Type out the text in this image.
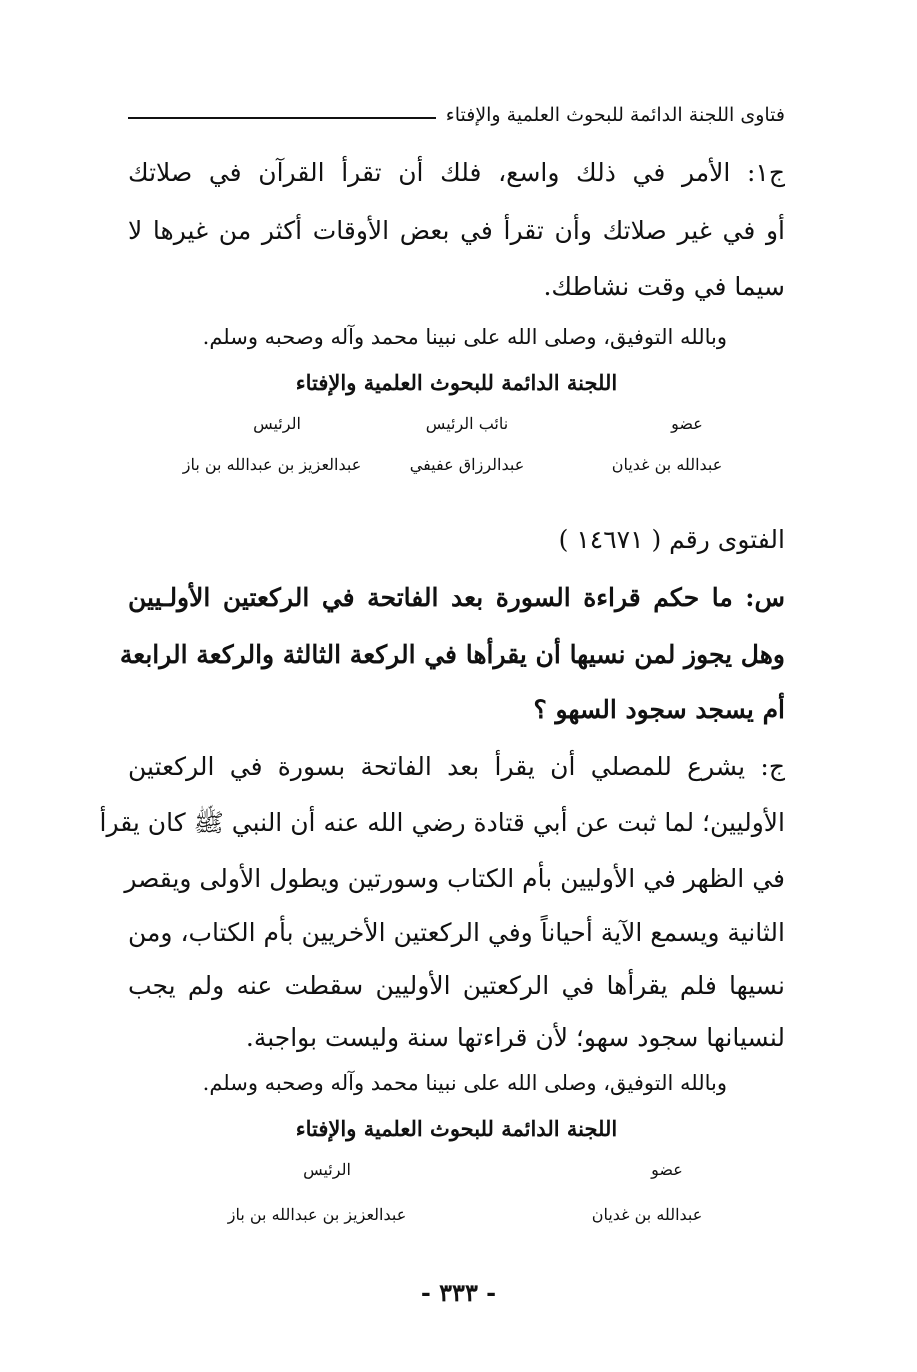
فتاوى اللجنة الدائمة للبحوث العلمية والإفتاء
ج١: الأمر في ذلك واسع، فلك أن تقرأ القرآن في صلاتك
أو في غير صلاتك وأن تقرأ في بعض الأوقات أكثر من غيرها لا
سيما في وقت نشاطك.
وبالله التوفيق، وصلى الله على نبينا محمد وآله وصحبه وسلم.
اللجنة الدائمة للبحوث العلمية والإفتاء
عضو
نائب الرئيس
الرئيس
عبدالله بن غديان
عبدالرزاق عفيفي
عبدالعزيز بن عبدالله بن باز
الفتوى رقم ( ١٤٦٧١ )
س: ما حكم قراءة السورة بعد الفاتحة في الركعتين الأولـيين
وهل يجوز لمن نسيها أن يقرأها في الركعة الثالثة والركعة الرابعة
أم يسجد سجود السهو ؟
ج: يشرع للمصلي أن يقرأ بعد الفاتحة بسورة في الركعتين
الأوليين؛ لما ثبت عن أبي قتادة رضي الله عنه أن النبي ﷺ كان يقرأ
في الظهر في الأوليين بأم الكتاب وسورتين ويطول الأولى ويقصر
الثانية ويسمع الآية أحياناً وفي الركعتين الأخريين بأم الكتاب، ومن
نسيها فلم يقرأها في الركعتين الأوليين سقطت عنه ولم يجب
لنسيانها سجود سهو؛ لأن قراءتها سنة وليست بواجبة.
وبالله التوفيق، وصلى الله على نبينا محمد وآله وصحبه وسلم.
اللجنة الدائمة للبحوث العلمية والإفتاء
عضو
الرئيس
عبدالله بن غديان
عبدالعزيز بن عبدالله بن باز
- ٣٣٣ -
